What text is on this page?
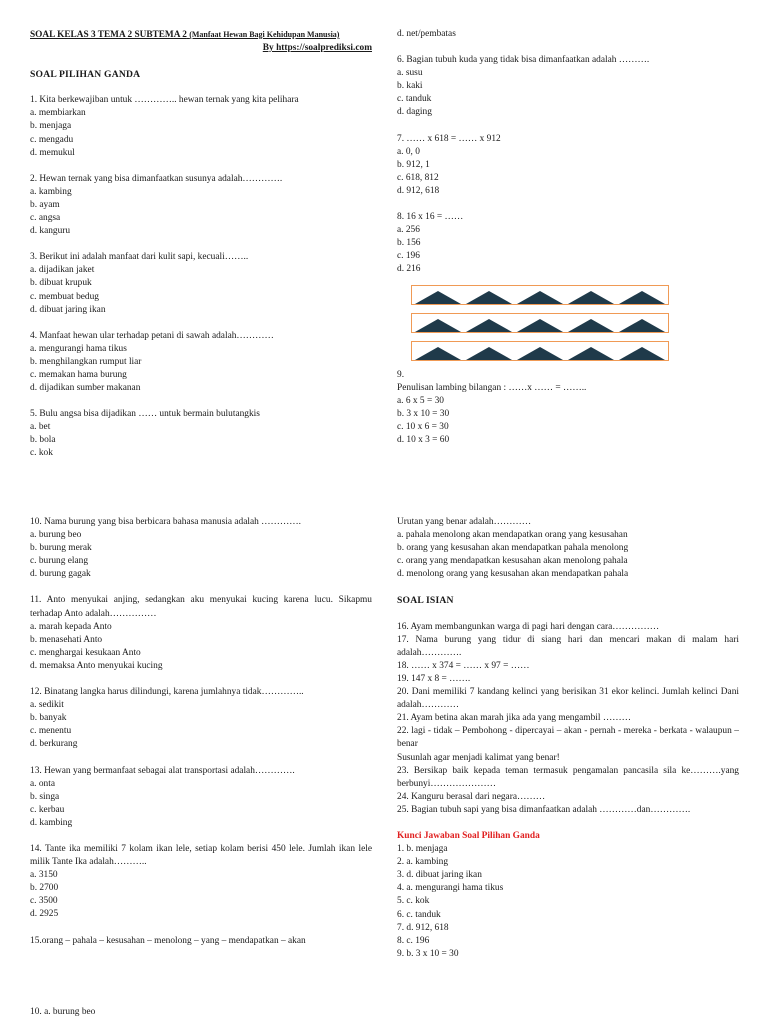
SOAL KELAS 3 TEMA 2 SUBTEMA 2 (Manfaat Hewan Bagi Kehidupan Manusia)
By https://soalprediksi.com
SOAL PILIHAN GANDA
1. Kita berkewajiban untuk ………….. hewan ternak yang kita pelihara
a. membiarkan
b. menjaga
c. mengadu
d. memukul
2. Hewan ternak yang bisa dimanfaatkan susunya adalah………….
a. kambing
b. ayam
c. angsa
d. kanguru
3. Berikut ini adalah manfaat dari kulit sapi, kecuali……..
a. dijadikan jaket
b. dibuat krupuk
c. membuat bedug
d. dibuat jaring ikan
4. Manfaat hewan ular terhadap petani di sawah adalah…………
a. mengurangi hama tikus
b. menghilangkan rumput liar
c. memakan hama burung
d. dijadikan sumber makanan
5. Bulu angsa bisa dijadikan …… untuk bermain bulutangkis
a. bet
b. bola
c. kok
d. net/pembatas
6. Bagian tubuh kuda yang tidak bisa dimanfaatkan adalah ……….
a. susu
b. kaki
c. tanduk
d. daging
7. …… x 618 = …… x 912
a. 0, 0
b. 912, 1
c. 618, 812
d. 912, 618
8. 16 x 16 = ……
a. 256
b. 156
c. 196
d. 216
9.
Penulisan lambing bilangan : ……x …… = ……..
a. 6 x 5 = 30
b. 3 x 10 = 30
c. 10 x 6 = 30
d. 10 x 3 = 60
10. Nama burung yang bisa berbicara bahasa manusia adalah ………….
a. burung beo
b. burung merak
c. burung elang
d. burung gagak
11. Anto menyukai anjing, sedangkan aku menyukai kucing karena lucu. Sikapmu terhadap Anto adalah……………
a. marah kepada Anto
b. menasehati Anto
c. menghargai kesukaan Anto
d. memaksa Anto menyukai kucing
12. Binatang langka harus dilindungi, karena jumlahnya tidak…………..
a. sedikit
b. banyak
c. menentu
d. berkurang
13. Hewan yang bermanfaat sebagai alat transportasi adalah………….
a. onta
b. singa
c. kerbau
d. kambing
14. Tante ika memiliki 7 kolam ikan lele, setiap kolam berisi 450 lele. Jumlah ikan lele milik Tante Ika adalah………..
a. 3150
b. 2700
c. 3500
d. 2925
15.orang – pahala – kesusahan – menolong – yang – mendapatkan – akan
Urutan yang benar adalah…………
a. pahala menolong akan mendapatkan orang yang kesusahan
b. orang yang kesusahan akan mendapatkan pahala menolong
c. orang yang mendapatkan kesusahan akan menolong pahala
d. menolong orang yang kesusahan akan mendapatkan pahala
SOAL ISIAN
16. Ayam membangunkan warga di pagi hari dengan cara……………
17. Nama burung yang tidur di siang hari dan mencari makan di malam hari adalah………….
18. …… x 374 = …… x 97 = ……
19. 147 x 8 = …….
20. Dani memiliki 7 kandang kelinci yang berisikan 31 ekor kelinci. Jumlah kelinci Dani adalah…………
21. Ayam betina akan marah jika ada yang mengambil ………
22. lagi - tidak – Pembohong - dipercayai – akan - pernah - mereka - berkata - walaupun – benar
Susunlah agar menjadi kalimat yang benar!
23. Bersikap baik kepada teman termasuk pengamalan pancasila sila ke……….yang berbunyi…………………
24. Kanguru berasal dari negara………
25. Bagian tubuh sapi yang bisa dimanfaatkan adalah …………dan………….
Kunci Jawaban Soal Pilihan Ganda
1. b. menjaga
2. a. kambing
3. d. dibuat jaring ikan
4. a. mengurangi hama tikus
5. c. kok
6. c. tanduk
7. d. 912, 618
8. c. 196
9. b. 3 x 10 = 30
10. a. burung beo
